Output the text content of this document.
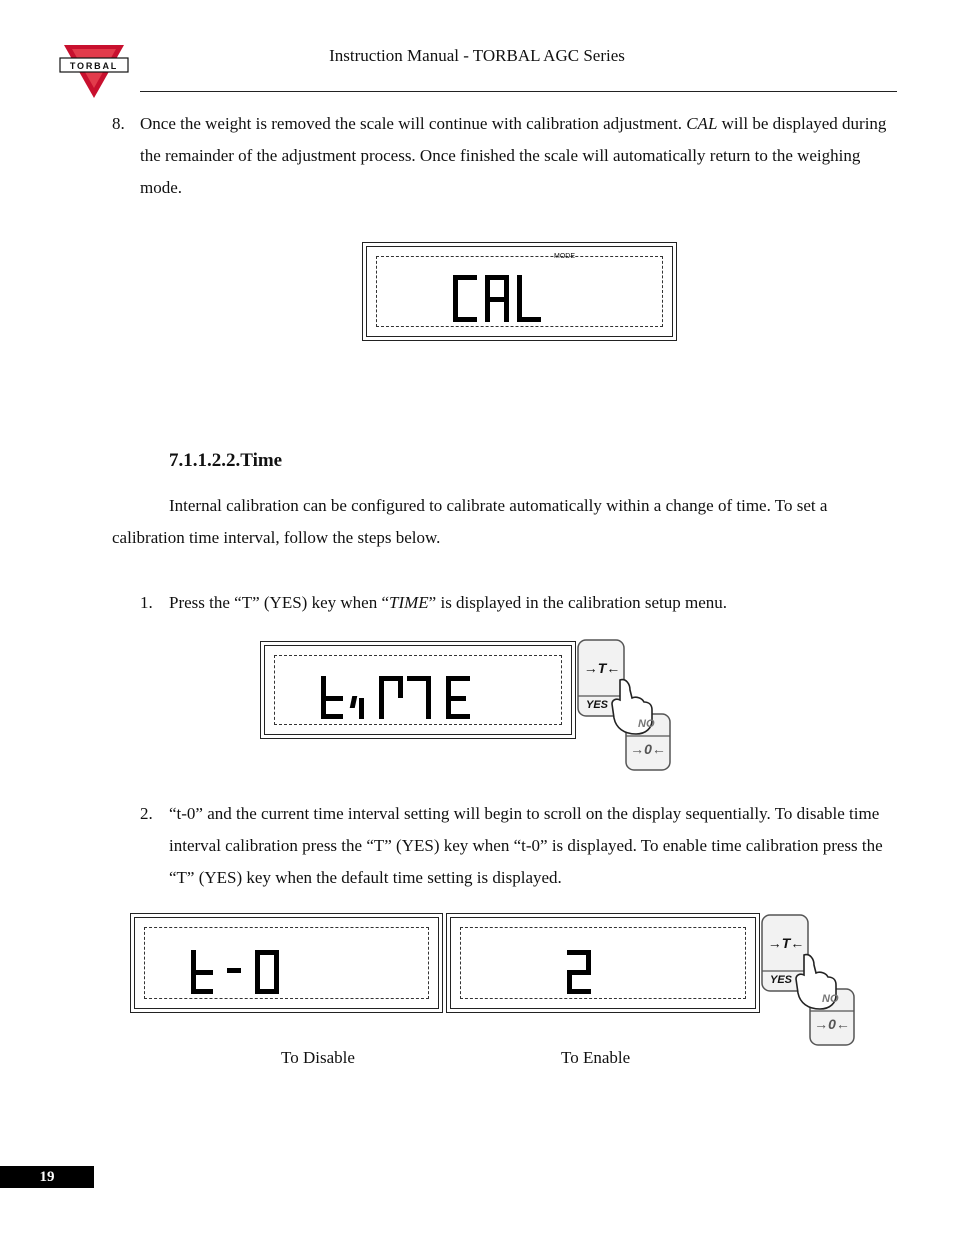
TORBAL
Instruction Manual - TORBAL AGC Series
8. Once the weight is removed the scale will continue with calibration adjustment. CAL will be displayed during the remainder of the adjustment process. Once finished the scale will automatically return to the weighing mode.
MODE
7.1.1.2.2.Time
Internal calibration can be configured to calibrate automatically within a change of time. To set a calibration time interval, follow the steps below.
1. Press the “T” (YES) key when “TIME” is displayed in the calibration setup menu.
→T←
YES
NO
→0←
2. “t-0” and the current time interval setting will begin to scroll on the display sequentially. To disable time interval calibration press the “T” (YES) key when “t-0” is displayed. To enable time calibration press the “T” (YES) key when the default time setting is displayed.
→T←
YES
NO
→0←
To Disable	To Enable
19
